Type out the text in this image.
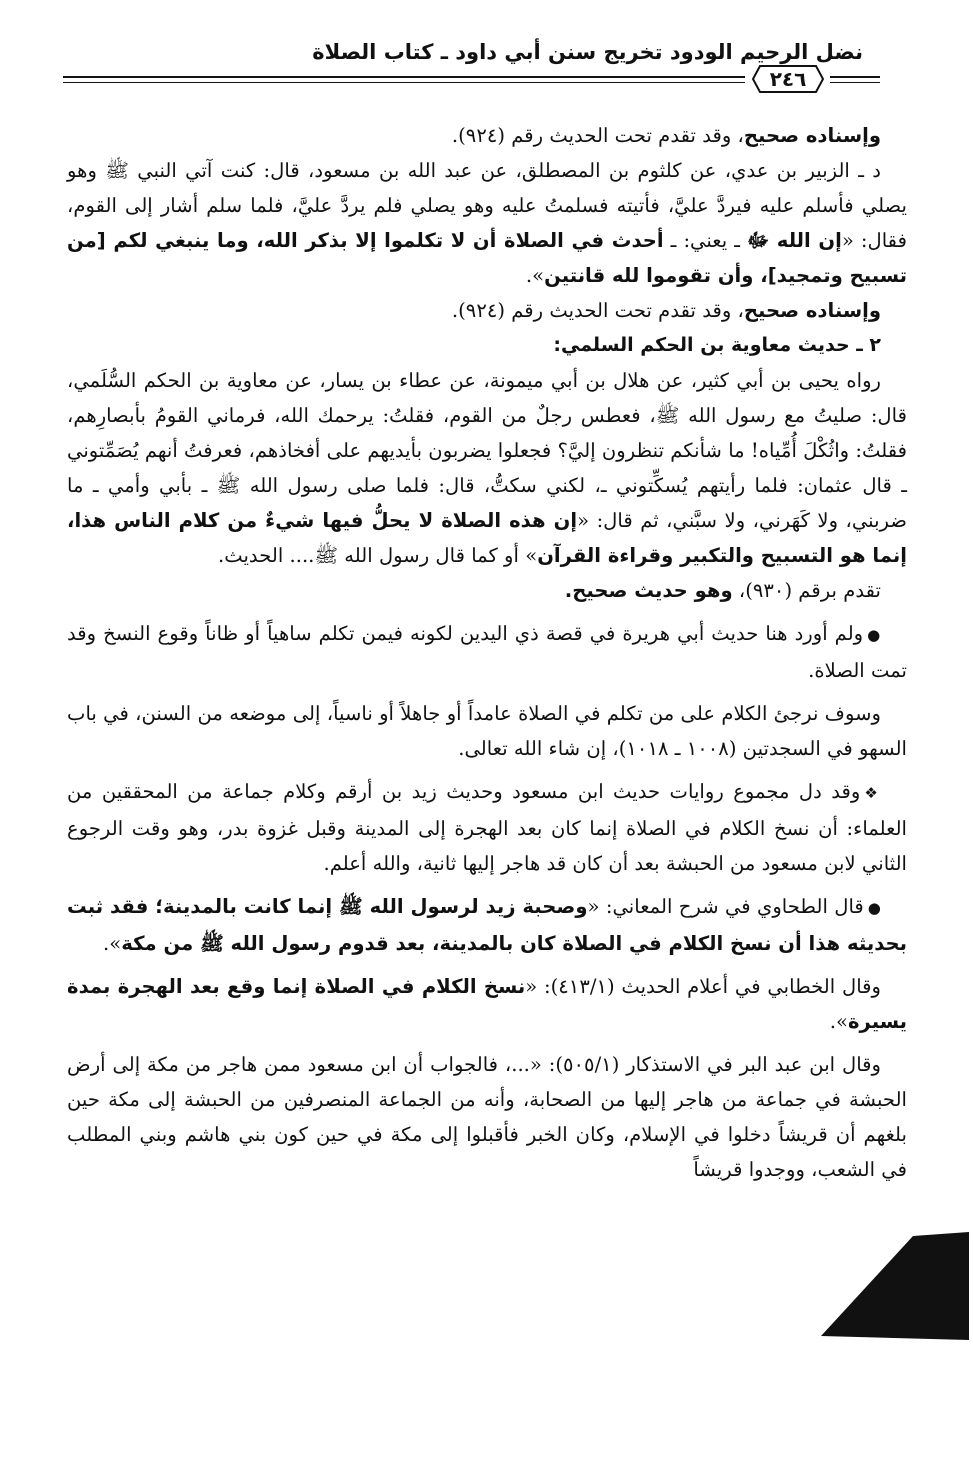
نضل الرحيم الودود تخريج سنن أبي داود ـ كتاب الصلاة
٢٤٦

وإسناده صحيح، وقد تقدم تحت الحديث رقم (٩٢٤).

د ـ الزبير بن عدي، عن كلثوم بن المصطلق، عن عبد الله بن مسعود، قال: كنت آتي النبي ﷺ وهو يصلي فأسلم عليه فيردَّ عليَّ، فأتيته فسلمتُ عليه وهو يصلي فلم يردَّ عليَّ، فلما سلم أشار إلى القوم، فقال: «إن الله ﷻ ـ يعني: ـ أحدث في الصلاة أن لا تكلموا إلا بذكر الله، وما ينبغي لكم [من تسبيح وتمجيد]، وأن تقوموا لله قانتين».

وإسناده صحيح، وقد تقدم تحت الحديث رقم (٩٢٤).

٢ ـ حديث معاوية بن الحكم السلمي:

رواه يحيى بن أبي كثير، عن هلال بن أبي ميمونة، عن عطاء بن يسار، عن معاوية بن الحكم السُّلَمي، قال: صليتُ مع رسول الله ﷺ، فعطس رجلٌ من القوم، فقلتُ: يرحمك الله، فرماني القومُ بأبصارِهم، فقلتُ: واثُكْلَ أُمِّياه! ما شأنكم تنظرون إليَّ؟ فجعلوا يضربون بأيديهم على أفخاذهم، فعرفتُ أنهم يُصَمِّتوني ـ قال عثمان: فلما رأيتهم يُسكِّتوني ـ، لكني سكتُّ، قال: فلما صلى رسول الله ﷺ ـ بأبي وأمي ـ ما ضربني، ولا كَهَرني، ولا سبَّني، ثم قال: «إن هذه الصلاة لا يحلُّ فيها شيءٌ من كلام الناس هذا، إنما هو التسبيح والتكبير وقراءة القرآن» أو كما قال رسول الله ﷺ.... الحديث.

تقدم برقم (٩٣٠)، وهو حديث صحيح.

●ولم أورد هنا حديث أبي هريرة في قصة ذي اليدين لكونه فيمن تكلم ساهياً أو ظاناً وقوع النسخ وقد تمت الصلاة.

وسوف نرجئ الكلام على من تكلم في الصلاة عامداً أو جاهلاً أو ناسياً، إلى موضعه من السنن، في باب السهو في السجدتين (١٠٠٨ ـ ١٠١٨)، إن شاء الله تعالى.

❖وقد دل مجموع روايات حديث ابن مسعود وحديث زيد بن أرقم وكلام جماعة من المحققين من العلماء: أن نسخ الكلام في الصلاة إنما كان بعد الهجرة إلى المدينة وقبل غزوة بدر، وهو وقت الرجوع الثاني لابن مسعود من الحبشة بعد أن كان قد هاجر إليها ثانية، والله أعلم.

●قال الطحاوي في شرح المعاني: «وصحبة زيد لرسول الله ﷺ إنما كانت بالمدينة؛ فقد ثبت بحديثه هذا أن نسخ الكلام في الصلاة كان بالمدينة، بعد قدوم رسول الله ﷺ من مكة».

وقال الخطابي في أعلام الحديث (٤١٣/١): «نسخ الكلام في الصلاة إنما وقع بعد الهجرة بمدة يسيرة».

وقال ابن عبد البر في الاستذكار (٥٠٥/١): «...، فالجواب أن ابن مسعود ممن هاجر من مكة إلى أرض الحبشة في جماعة من هاجر إليها من الصحابة، وأنه من الجماعة المنصرفين من الحبشة إلى مكة حين بلغهم أن قريشاً دخلوا في الإسلام، وكان الخبر فأقبلوا إلى مكة في حين كون بني هاشم وبني المطلب في الشعب، ووجدوا قريشاً
